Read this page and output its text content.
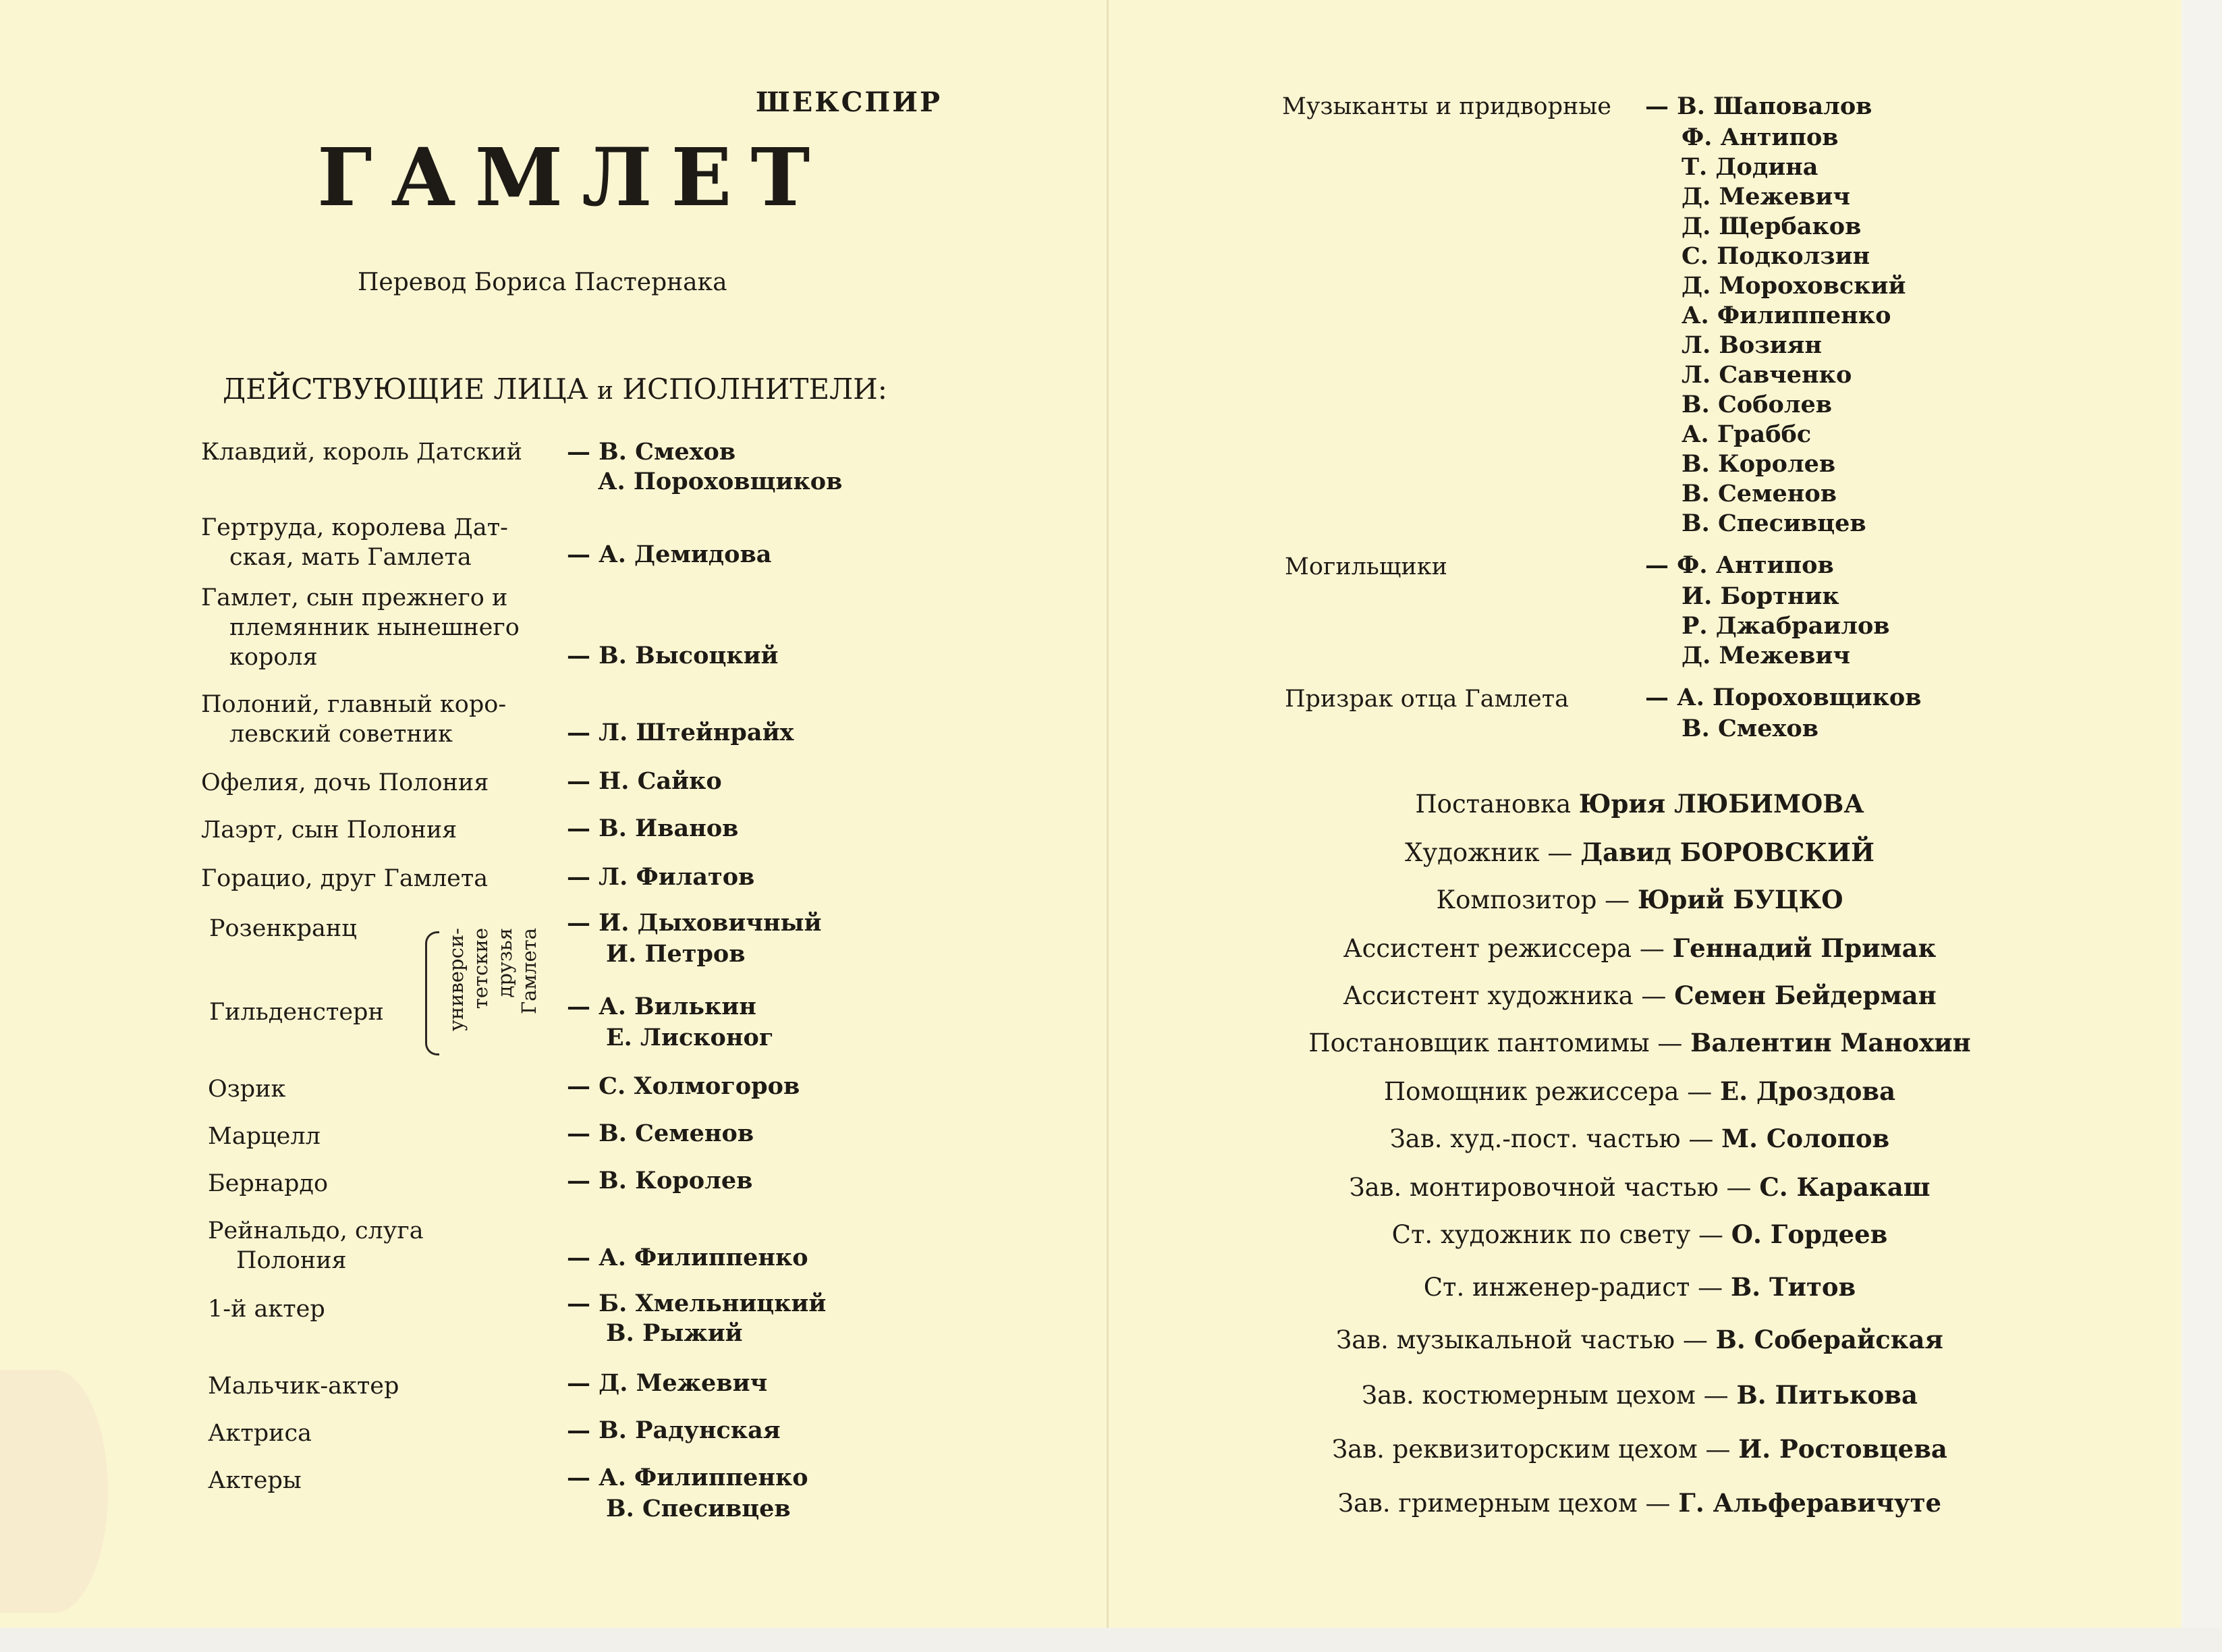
ШЕКСПИР
ГАМЛЕТ
Перевод Бориса Пастернака
ДЕЙСТВУЮЩИЕ ЛИЦА и ИСПОЛНИТЕЛИ:
Клавдий, король Датский — В. Смехов
А. Пороховщиков
Гертруда, королева Дат-
ская, мать Гамлета	— А. Демидова
Гамлет, сын прежнего и
племянник нынешнего
короля	— В. Высоцкий
Полоний, главный коро-
левский советник	— Л. Штейнрайх
Офелия, дочь Полония	— Н. Сайко
Лаэрт, сын Полония	— В. Иванов
Горацио, друг Гамлета	— Л. Филатов
Розенкранц	— И. Дыховичный
И. Петров
Гильденстерн	— А. Вилькин
Е. Лисконог
универси- тетские друзья Гамлета
Озрик	— С. Холмогоров
Марцелл	— В. Семенов
Бернардо	— В. Королев
Рейнальдо, слуга
Полония	— А. Филиппенко
1-й актер	— Б. Хмельницкий
В. Рыжий
Мальчик-актер	— Д. Межевич
Актриса	— В. Радунская
Актеры	— А. Филиппенко
В. Спесивцев
Музыканты и придворные — В. Шаповалов
Ф. Антипов
Т. Додина
Д. Межевич
Д. Щербаков
С. Подколзин
Д. Мороховский
А. Филиппенко
Л. Возиян
Л. Савченко
В. Соболев
А. Граббс
В. Королев
В. Семенов
В. Спесивцев
Могильщики	— Ф. Антипов
И. Бортник
Р. Джабраилов
Д. Межевич
Призрак отца Гамлета	— А. Пороховщиков
В. Смехов
Постановка Юрия ЛЮБИМОВА
Художник — Давид БОРОВСКИЙ
Композитор — Юрий БУЦКО
Ассистент режиссера — Геннадий Примак
Ассистент художника — Семен Бейдерман
Постановщик пантомимы — Валентин Манохин
Помощник режиссера — Е. Дроздова
Зав. худ.-пост. частью — М. Солопов
Зав. монтировочной частью — С. Каракаш
Ст. художник по свету — О. Гордеев
Ст. инженер-радист — В. Титов
Зав. музыкальной частью — В. Соберайская
Зав. костюмерным цехом — В. Питькова
Зав. реквизиторским цехом — И. Ростовцева
Зав. гримерным цехом — Г. Альферавичуте
